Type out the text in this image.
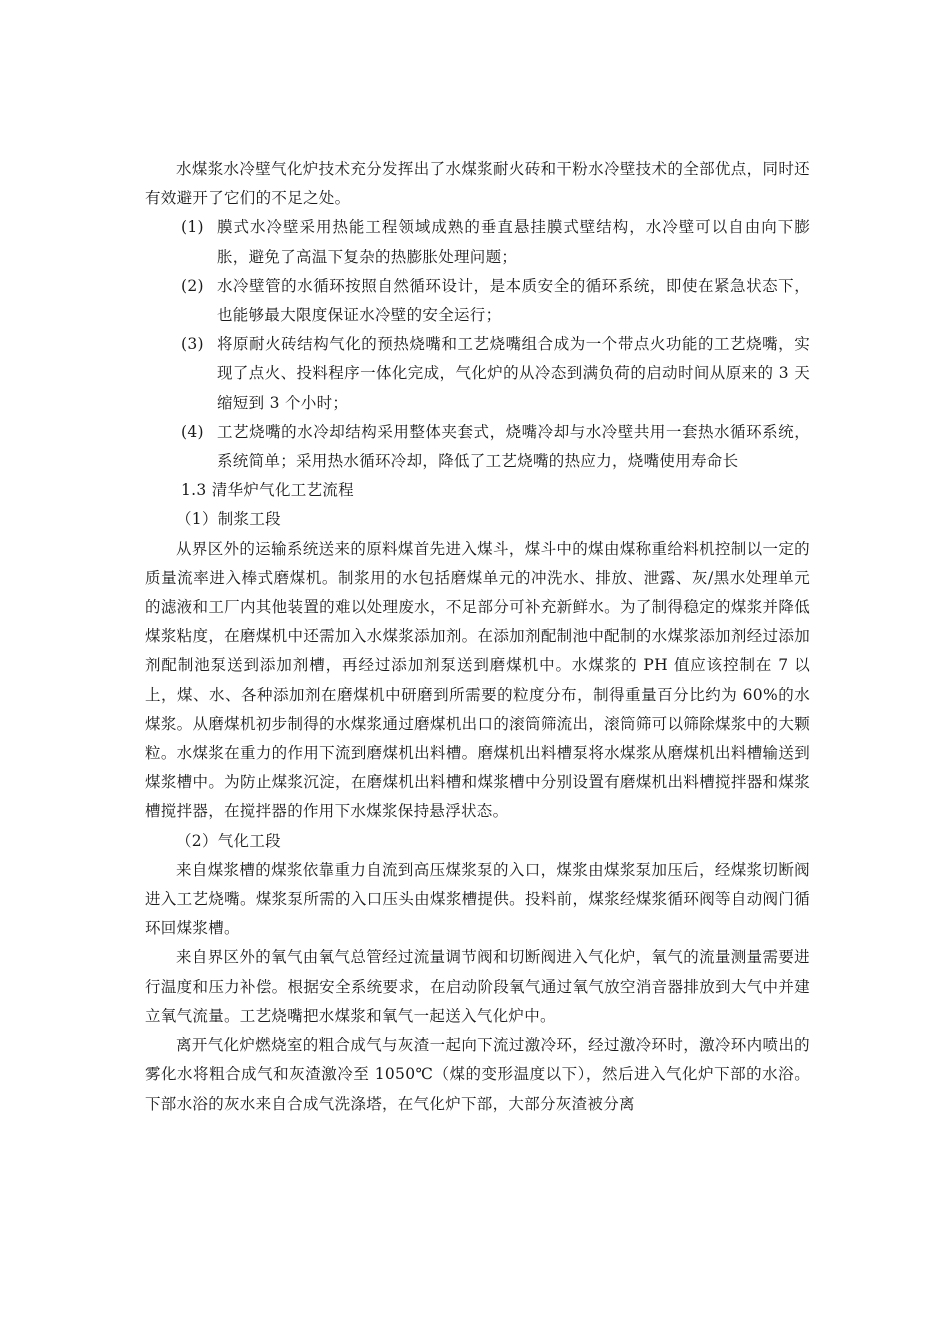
水煤浆水冷壁气化炉技术充分发挥出了水煤浆耐火砖和干粉水冷壁技术的全部优点，同时还有效避开了它们的不足之处。

(1) 膜式水冷壁采用热能工程领域成熟的垂直悬挂膜式壁结构，水冷壁可以自由向下膨胀，避免了高温下复杂的热膨胀处理问题；

(2) 水冷壁管的水循环按照自然循环设计，是本质安全的循环系统，即使在紧急状态下，也能够最大限度保证水冷壁的安全运行；

(3) 将原耐火砖结构气化的预热烧嘴和工艺烧嘴组合成为一个带点火功能的工艺烧嘴，实现了点火、投料程序一体化完成，气化炉的从冷态到满负荷的启动时间从原来的 3 天缩短到 3 个小时；

(4) 工艺烧嘴的水冷却结构采用整体夹套式，烧嘴冷却与水冷壁共用一套热水循环系统，系统简单；采用热水循环冷却，降低了工艺烧嘴的热应力，烧嘴使用寿命长

1.3 清华炉气化工艺流程

（1）制浆工段

从界区外的运输系统送来的原料煤首先进入煤斗，煤斗中的煤由煤称重给料机控制以一定的质量流率进入棒式磨煤机。制浆用的水包括磨煤单元的冲洗水、排放、泄露、灰/黑水处理单元的滤液和工厂内其他装置的难以处理废水，不足部分可补充新鲜水。为了制得稳定的煤浆并降低煤浆粘度，在磨煤机中还需加入水煤浆添加剂。在添加剂配制池中配制的水煤浆添加剂经过添加剂配制池泵送到添加剂槽，再经过添加剂泵送到磨煤机中。水煤浆的 PH 值应该控制在 7 以上，煤、水、各种添加剂在磨煤机中研磨到所需要的粒度分布，制得重量百分比约为 60%的水煤浆。从磨煤机初步制得的水煤浆通过磨煤机出口的滚筒筛流出，滚筒筛可以筛除煤浆中的大颗粒。水煤浆在重力的作用下流到磨煤机出料槽。磨煤机出料槽泵将水煤浆从磨煤机出料槽输送到煤浆槽中。为防止煤浆沉淀，在磨煤机出料槽和煤浆槽中分别设置有磨煤机出料槽搅拌器和煤浆槽搅拌器，在搅拌器的作用下水煤浆保持悬浮状态。

（2）气化工段

来自煤浆槽的煤浆依靠重力自流到高压煤浆泵的入口，煤浆由煤浆泵加压后，经煤浆切断阀进入工艺烧嘴。煤浆泵所需的入口压头由煤浆槽提供。投料前，煤浆经煤浆循环阀等自动阀门循环回煤浆槽。

来自界区外的氧气由氧气总管经过流量调节阀和切断阀进入气化炉，氧气的流量测量需要进行温度和压力补偿。根据安全系统要求，在启动阶段氧气通过氧气放空消音器排放到大气中并建立氧气流量。工艺烧嘴把水煤浆和氧气一起送入气化炉中。

离开气化炉燃烧室的粗合成气与灰渣一起向下流过激冷环，经过激冷环时，激冷环内喷出的雾化水将粗合成气和灰渣激冷至 1050℃（煤的变形温度以下），然后进入气化炉下部的水浴。下部水浴的灰水来自合成气洗涤塔，在气化炉下部，大部分灰渣被分离
